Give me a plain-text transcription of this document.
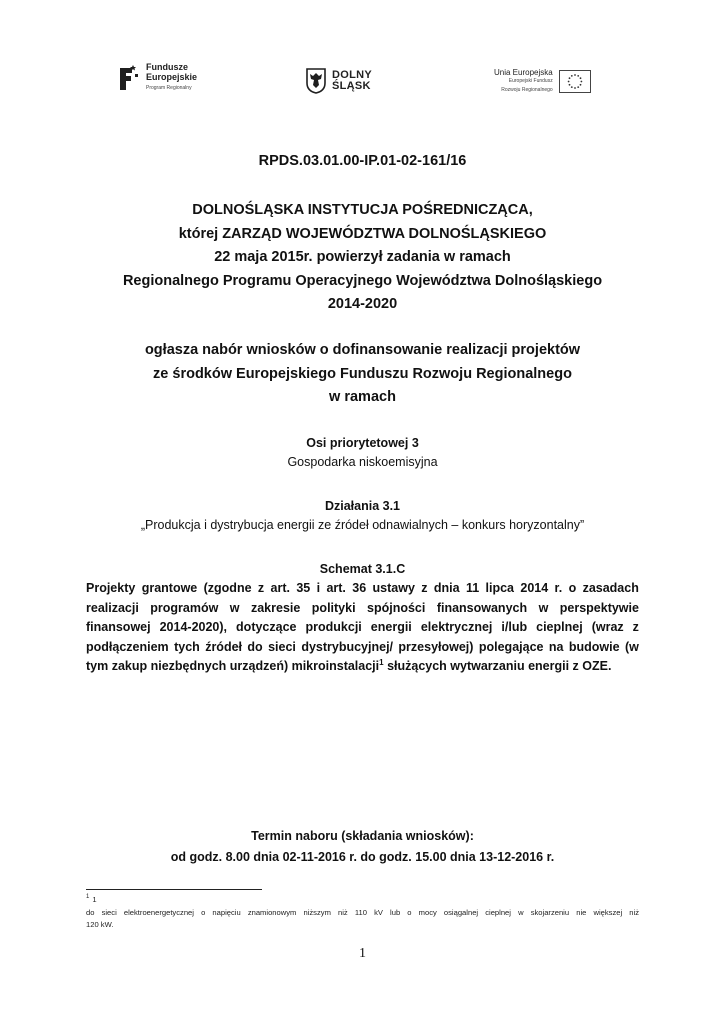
Fundusze
Europejskie
Program Regionalny
DOLNY
ŚLĄSK
Unia Europejska
Europejski Fundusz
Rozwoju Regionalnego
RPDS.03.01.00-IP.01-02-161/16
DOLNOŚLĄSKA INSTYTUCJA POŚREDNICZĄCA,
której ZARZĄD WOJEWÓDZTWA DOLNOŚLĄSKIEGO
22 maja 2015r. powierzył zadania w ramach
Regionalnego Programu Operacyjnego Województwa Dolnośląskiego
2014-2020
ogłasza nabór wniosków o dofinansowanie realizacji projektów
ze środków Europejskiego Funduszu Rozwoju Regionalnego
w ramach
Osi priorytetowej 3
Gospodarka niskoemisyjna
Działania 3.1
„Produkcja i dystrybucja energii ze źródeł odnawialnych – konkurs horyzontalny”
Schemat 3.1.C
Projekty grantowe (zgodne z art. 35 i art. 36 ustawy z dnia 11 lipca 2014 r. o zasadach
realizacji programów w zakresie polityki spójności finansowanych w perspektywie
finansowej 2014-2020), dotyczące produkcji energii elektrycznej i/lub cieplnej (wraz z
podłączeniem tych źródeł do sieci dystrybucyjnej/ przesyłowej) polegające na budowie (w
tym zakup niezbędnych urządzeń) mikroinstalacji$^1$ służących wytwarzaniu energii z OZE.
Termin naboru (składania wniosków):
od godz. 8.00 dnia 02-11-2016 r. do godz. 15.00 dnia 13-12-2016 r.
$^1$ 1
do sieci elektroenergetycznej o napięciu znamionowym niższym niż 110 kV lub o mocy osiągalnej cieplnej w skojarzeniu nie większej niż
120 kW.
1
